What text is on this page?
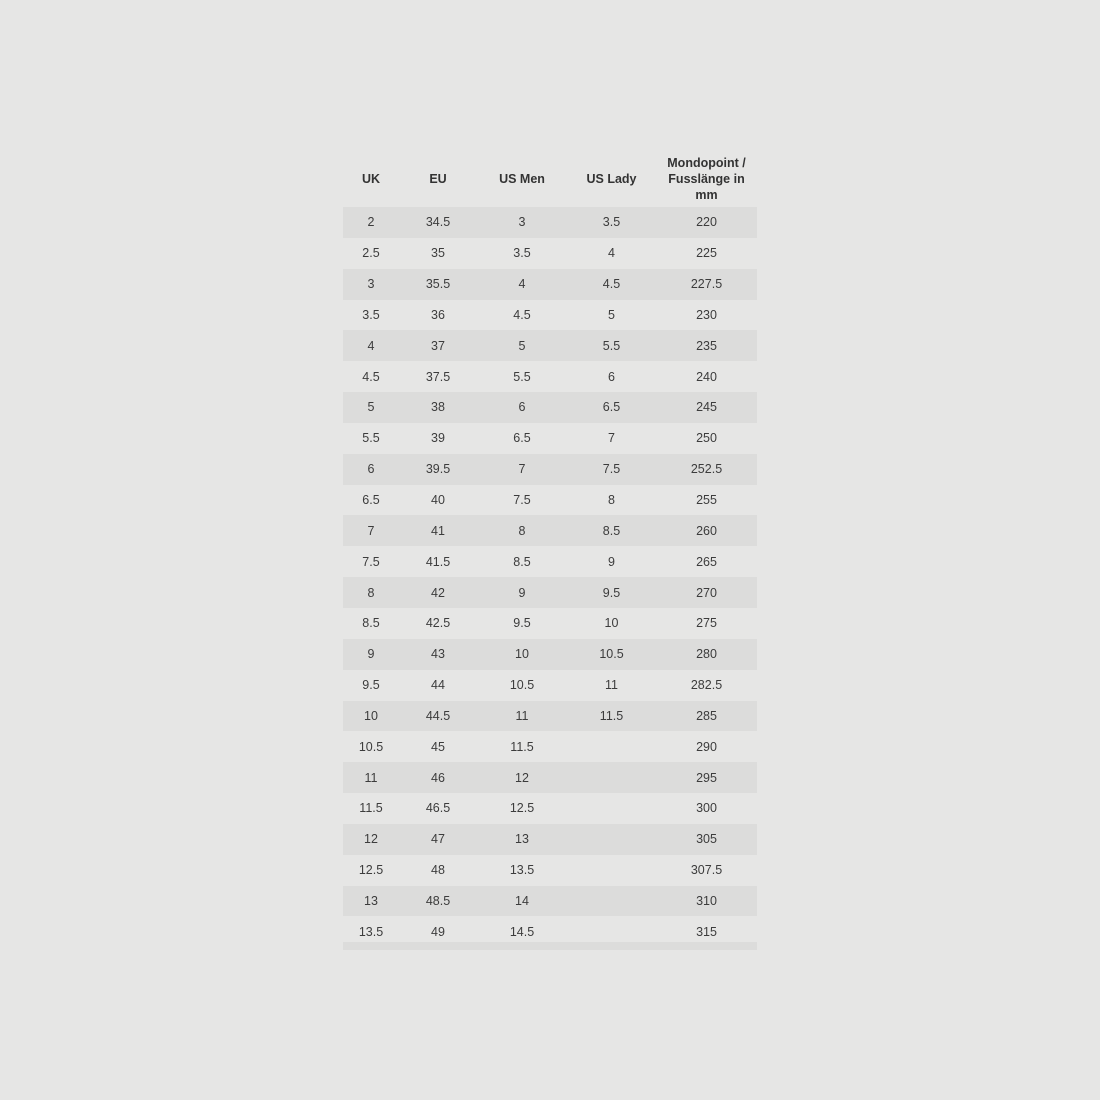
UK	EU	US Men	US Lady	Mondopoint / Fusslänge in mm
2	34.5	3	3.5	220
2.5	35	3.5	4	225
3	35.5	4	4.5	227.5
3.5	36	4.5	5	230
4	37	5	5.5	235
4.5	37.5	5.5	6	240
5	38	6	6.5	245
5.5	39	6.5	7	250
6	39.5	7	7.5	252.5
6.5	40	7.5	8	255
7	41	8	8.5	260
7.5	41.5	8.5	9	265
8	42	9	9.5	270
8.5	42.5	9.5	10	275
9	43	10	10.5	280
9.5	44	10.5	11	282.5
10	44.5	11	11.5	285
10.5	45	11.5		290
11	46	12		295
11.5	46.5	12.5		300
12	47	13		305
12.5	48	13.5		307.5
13	48.5	14		310
13.5	49	14.5		315
